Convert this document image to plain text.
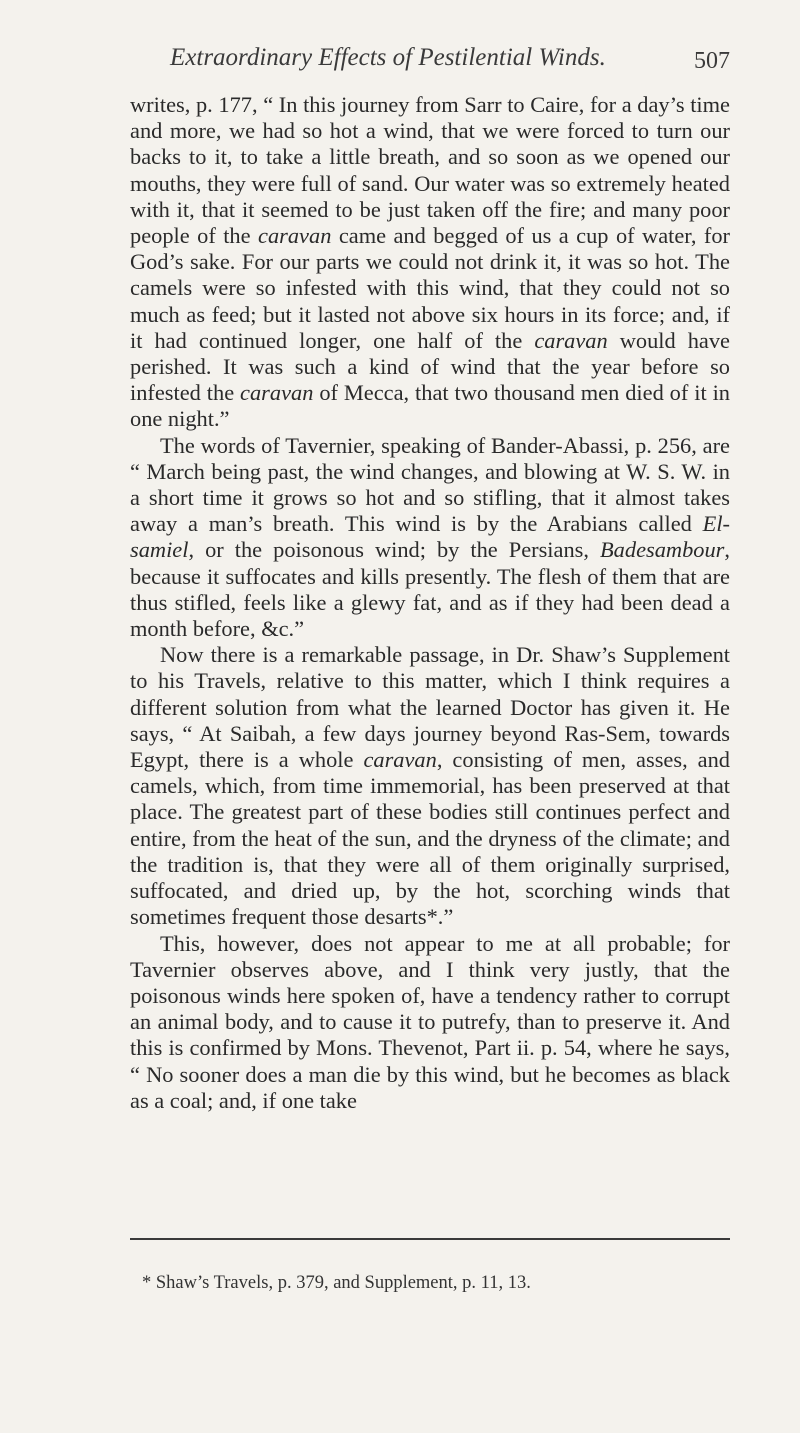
Extraordinary Effects of Pestilential Winds.	507

writes, p. 177, “ In this journey from Sarr to Caire, for a day’s time and more, we had so hot a wind, that we were forced to turn our backs to it, to take a little breath, and so soon as we opened our mouths, they were full of sand. Our water was so extremely heated with it, that it seemed to be just taken off the fire; and many poor people of the caravan came and begged of us a cup of water, for God’s sake. For our parts we could not drink it, it was so hot. The camels were so infested with this wind, that they could not so much as feed; but it lasted not above six hours in its force; and, if it had continued longer, one half of the caravan would have perished. It was such a kind of wind that the year before so infested the caravan of Mecca, that two thousand men died of it in one night.”

The words of Tavernier, speaking of Bander-Abassi, p. 256, are “ March being past, the wind changes, and blowing at W. S. W. in a short time it grows so hot and so stifling, that it almost takes away a man’s breath. This wind is by the Arabians called El-samiel, or the poisonous wind; by the Persians, Badesambour, because it suffocates and kills presently. The flesh of them that are thus stifled, feels like a glewy fat, and as if they had been dead a month before, &c.”

Now there is a remarkable passage, in Dr. Shaw’s Supplement to his Travels, relative to this matter, which I think requires a different solution from what the learned Doctor has given it. He says, “ At Saibah, a few days journey beyond Ras-Sem, towards Egypt, there is a whole caravan, consisting of men, asses, and camels, which, from time immemorial, has been preserved at that place. The greatest part of these bodies still continues perfect and entire, from the heat of the sun, and the dryness of the climate; and the tradition is, that they were all of them originally surprised, suffocated, and dried up, by the hot, scorching winds that sometimes frequent those desarts*.”

This, however, does not appear to me at all probable; for Tavernier observes above, and I think very justly, that the poisonous winds here spoken of, have a tendency rather to corrupt an animal body, and to cause it to putrefy, than to preserve it. And this is confirmed by Mons. Thevenot, Part ii. p. 54, where he says, “ No sooner does a man die by this wind, but he becomes as black as a coal; and, if one take

* Shaw’s Travels, p. 379, and Supplement, p. 11, 13.
